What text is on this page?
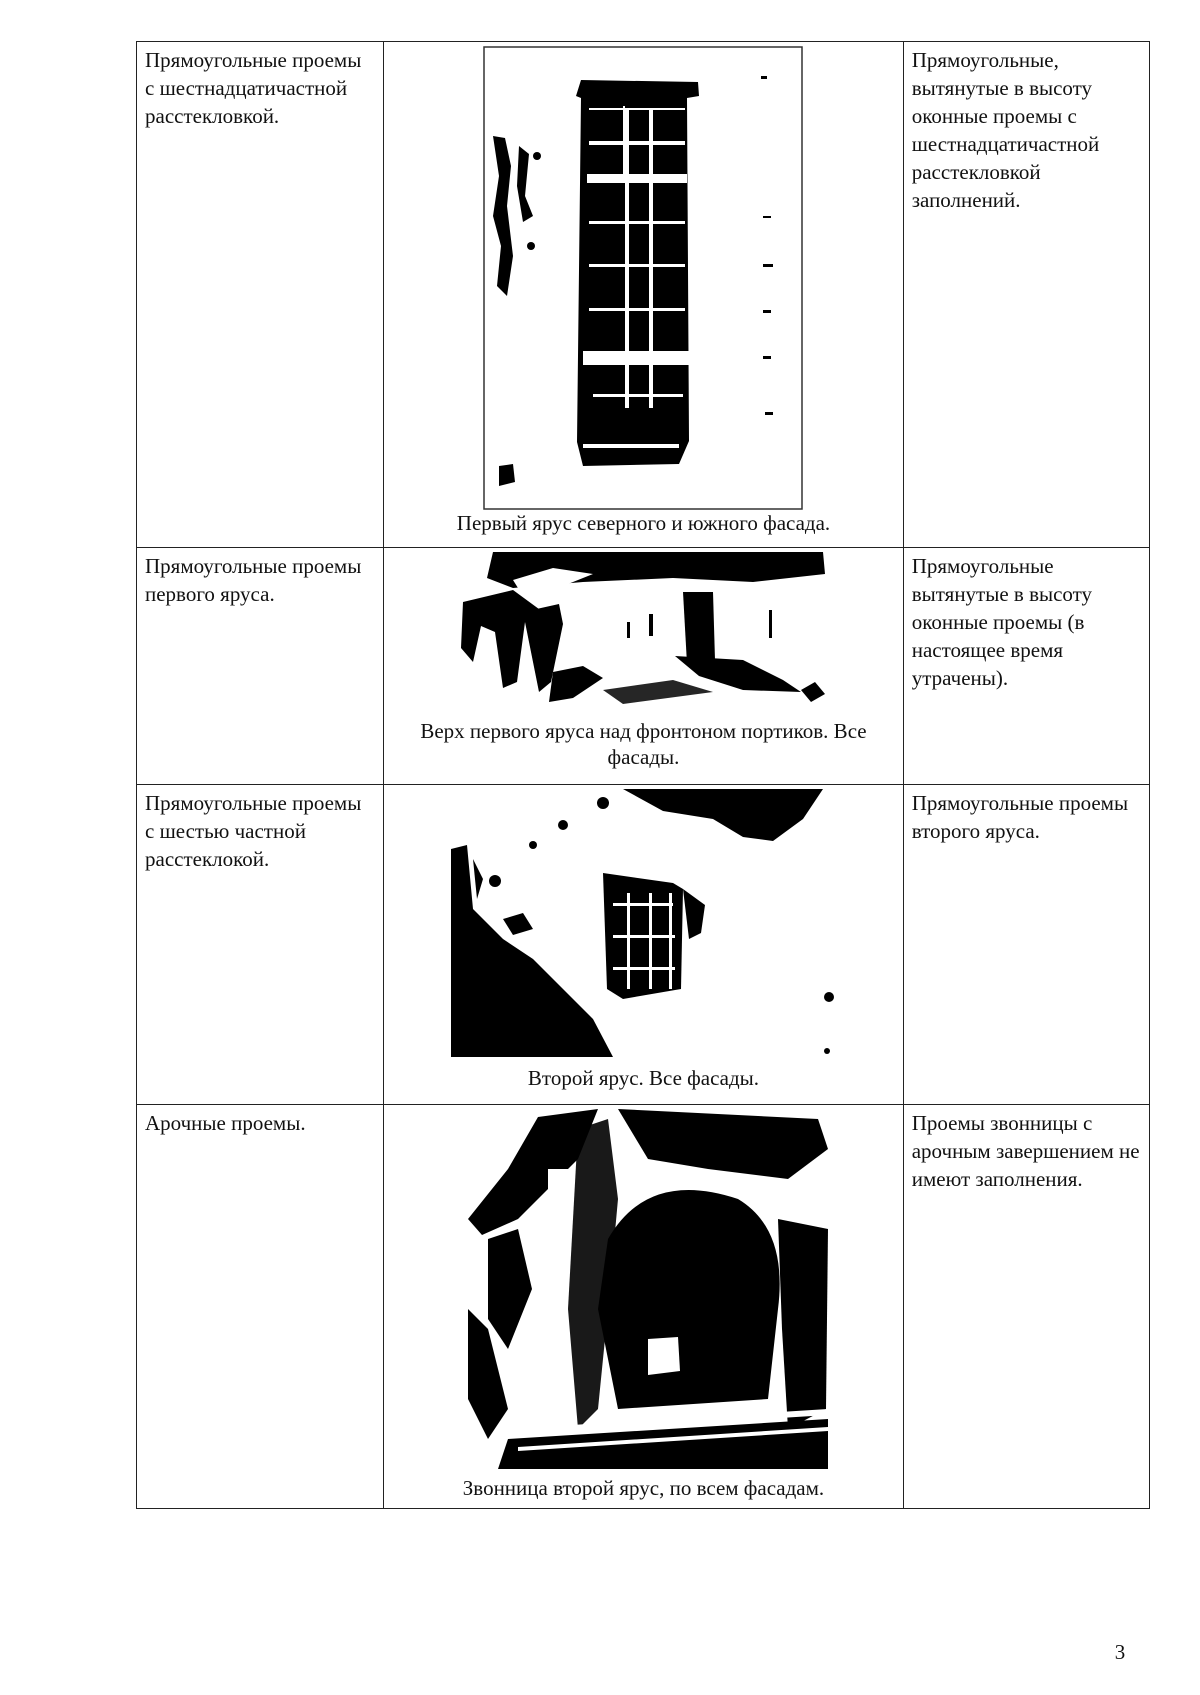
Прямоугольные проемы с шестнадцатичастной расстекловкой.	Первый ярус северного и южного фасада.	Прямоугольные, вытянутые в высоту оконные проемы с шестнадцатичастной расстекловкой заполнений.

Прямоугольные проемы первого яруса.	Верх первого яруса над фронтоном портиков. Все фасады.	Прямоугольные вытянутые в высоту оконные проемы (в настоящее время утрачены).

Прямоугольные проемы с шестью частной расстеклокой.	Второй ярус. Все фасады.	Прямоугольные проемы второго яруса.

Арочные проемы.	Звонница второй ярус, по всем фасадам.	Проемы звонницы с арочным завершением не имеют заполнения.
3
